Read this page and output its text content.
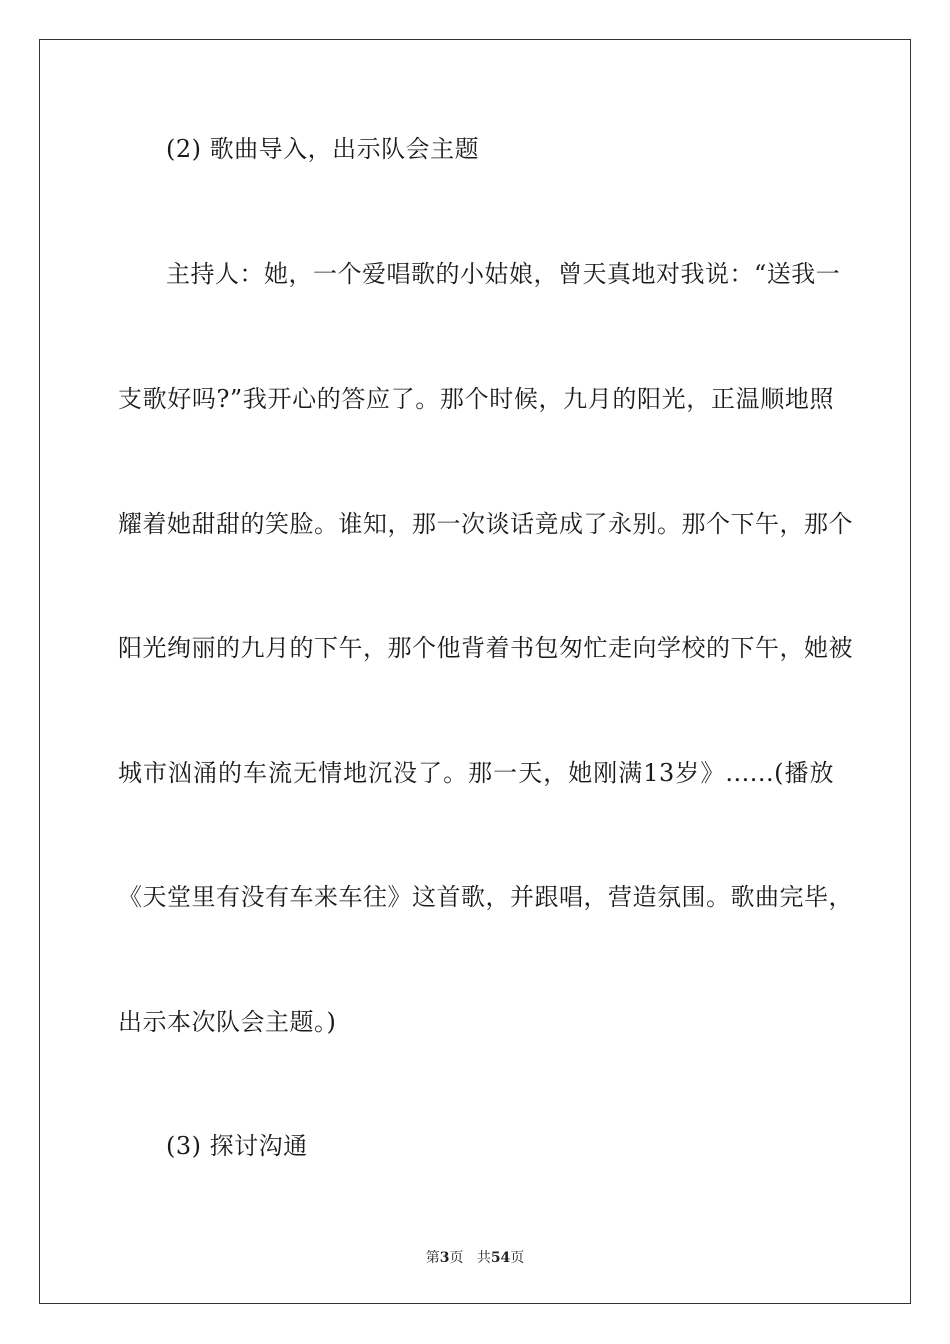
(2) 歌曲导入，出示队会主题
主持人：她，一个爱唱歌的小姑娘，曾天真地对我说：“送我一
支歌好吗?”我开心的答应了。那个时候，九月的阳光，正温顺地照
耀着她甜甜的笑脸。谁知，那一次谈话竟成了永别。那个下午，那个
阳光绚丽的九月的下午，那个他背着书包匆忙走向学校的下午，她被
城市汹涌的车流无情地沉没了。那一天，她刚满13岁》......(播放
《天堂里有没有车来车往》这首歌，并跟唱，营造氛围。歌曲完毕，
出示本次队会主题。)
(3) 探讨沟通
第3页 共54页
